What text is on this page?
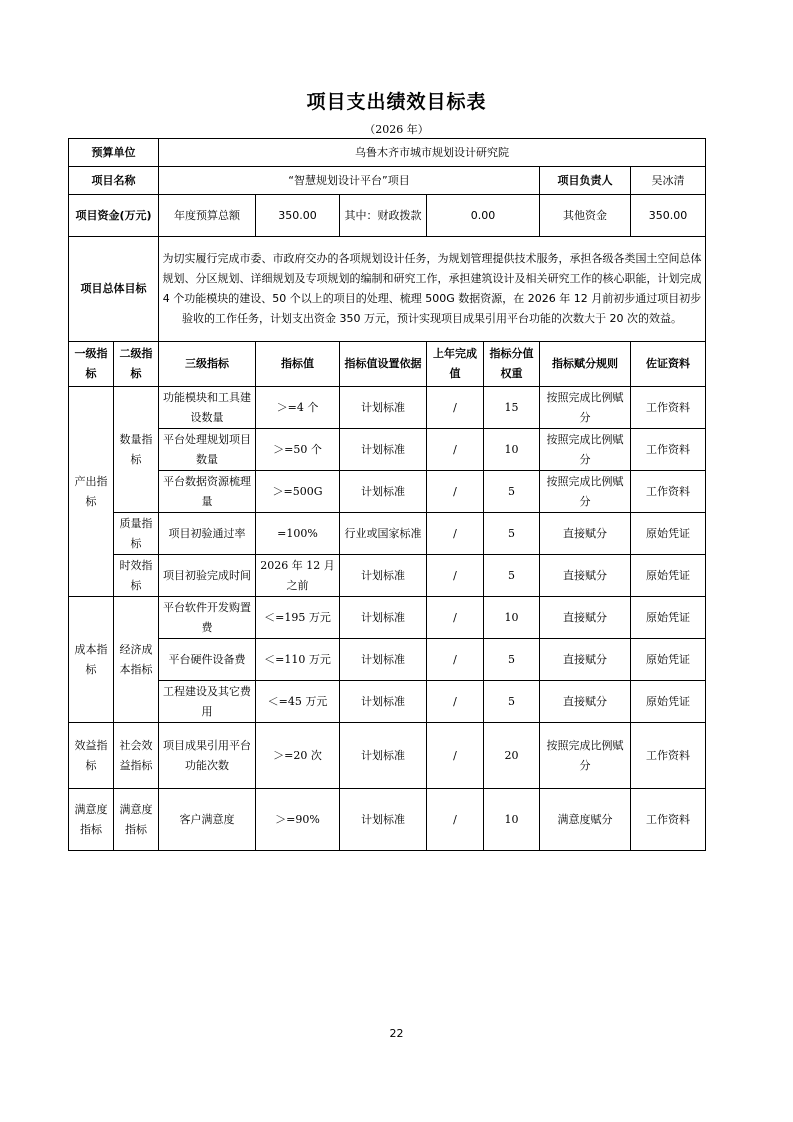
项目支出绩效目标表
（2026 年）
预算单位		乌鲁木齐市城市规划设计研究院						
项目名称		“智慧规划设计平台”项目					项目负责人	吴冰清
项目资金(万元)		年度预算总额	350.00	其中：财政拨款	0.00		其他资金	350.00
项目总体目标		为切实履行完成市委、市政府交办的各项规划设计任务，为规划管理提供技术服务，承担各级各类国土空间总体规划、分区规划、详细规划及专项规划的编制和研究工作，承担建筑设计及相关研究工作的核心职能，计划完成 4 个功能模块的建设、50 个以上的项目的处理、梳理 500G 数据资源，在 2026 年 12 月前初步通过项目初步验收的工作任务，计划支出资金 350 万元，预计实现项目成果引用平台功能的次数大于 20 次的效益。						
一级指标	二级指标	三级指标	指标值	指标值设置依据	上年完成值	指标分值权重	指标赋分规则	佐证资料
产出指标	数量指标	功能模块和工具建设数量	＞=4 个	计划标准	/	15	按照完成比例赋分	工作资料
		平台处理规划项目数量	＞=50 个	计划标准	/	10	按照完成比例赋分	工作资料
		平台数据资源梳理量	＞=500G	计划标准	/	5	按照完成比例赋分	工作资料
	质量指标	项目初验通过率	=100%	行业或国家标准	/	5	直接赋分	原始凭证
	时效指标	项目初验完成时间	2026 年 12 月之前	计划标准	/	5	直接赋分	原始凭证
成本指标	经济成本指标	平台软件开发购置费	＜=195 万元	计划标准	/	10	直接赋分	原始凭证
		平台硬件设备费	＜=110 万元	计划标准	/	5	直接赋分	原始凭证
		工程建设及其它费用	＜=45 万元	计划标准	/	5	直接赋分	原始凭证
效益指标	社会效益指标	项目成果引用平台功能次数	＞=20 次	计划标准	/	20	按照完成比例赋分	工作资料
满意度指标	满意度指标	客户满意度	＞=90%	计划标准	/	10	满意度赋分	工作资料
22
